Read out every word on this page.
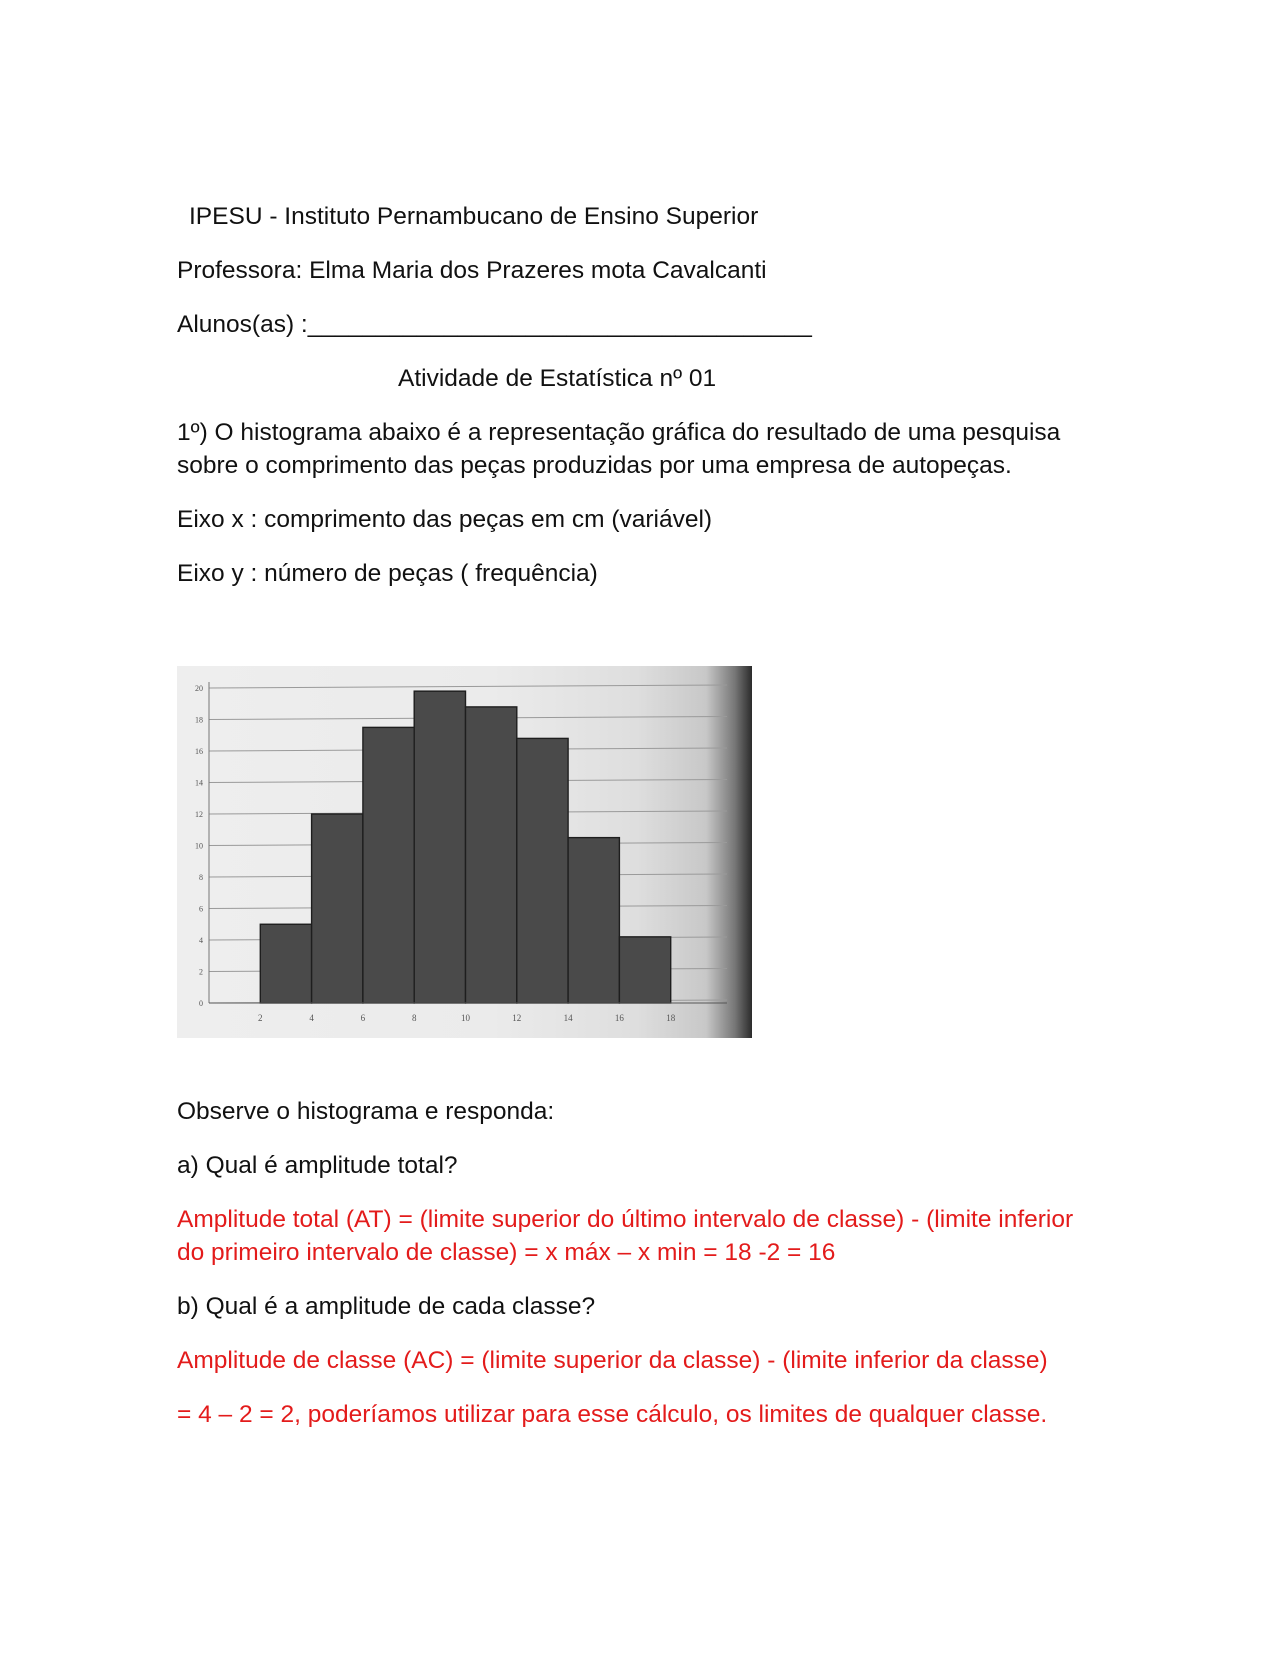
IPESU - Instituto Pernambucano de Ensino Superior

Professora: Elma Maria dos Prazeres mota Cavalcanti

Alunos(as) :_____________________________________

Atividade de Estatística nº 01

1º) O histograma abaixo é a representação gráfica do resultado de uma pesquisa

sobre o comprimento das peças produzidas por uma empresa de autopeças.

Eixo x : comprimento das peças em cm (variável)

Eixo y : número de peças ( frequência)

0
2
4
6
8
10
12
14
16
18
20
2	4	6	8	10	12	14	16	18

Observe o histograma e responda:

a) Qual é amplitude total?

Amplitude total (AT) = (limite superior do último intervalo de classe) - (limite inferior

do primeiro intervalo de classe) = x máx – x min = 18 -2 = 16

b) Qual é a amplitude de cada classe?

Amplitude de classe (AC) = (limite superior da classe) - (limite inferior da classe)

= 4 – 2 = 2, poderíamos utilizar para esse cálculo, os limites de qualquer classe.
